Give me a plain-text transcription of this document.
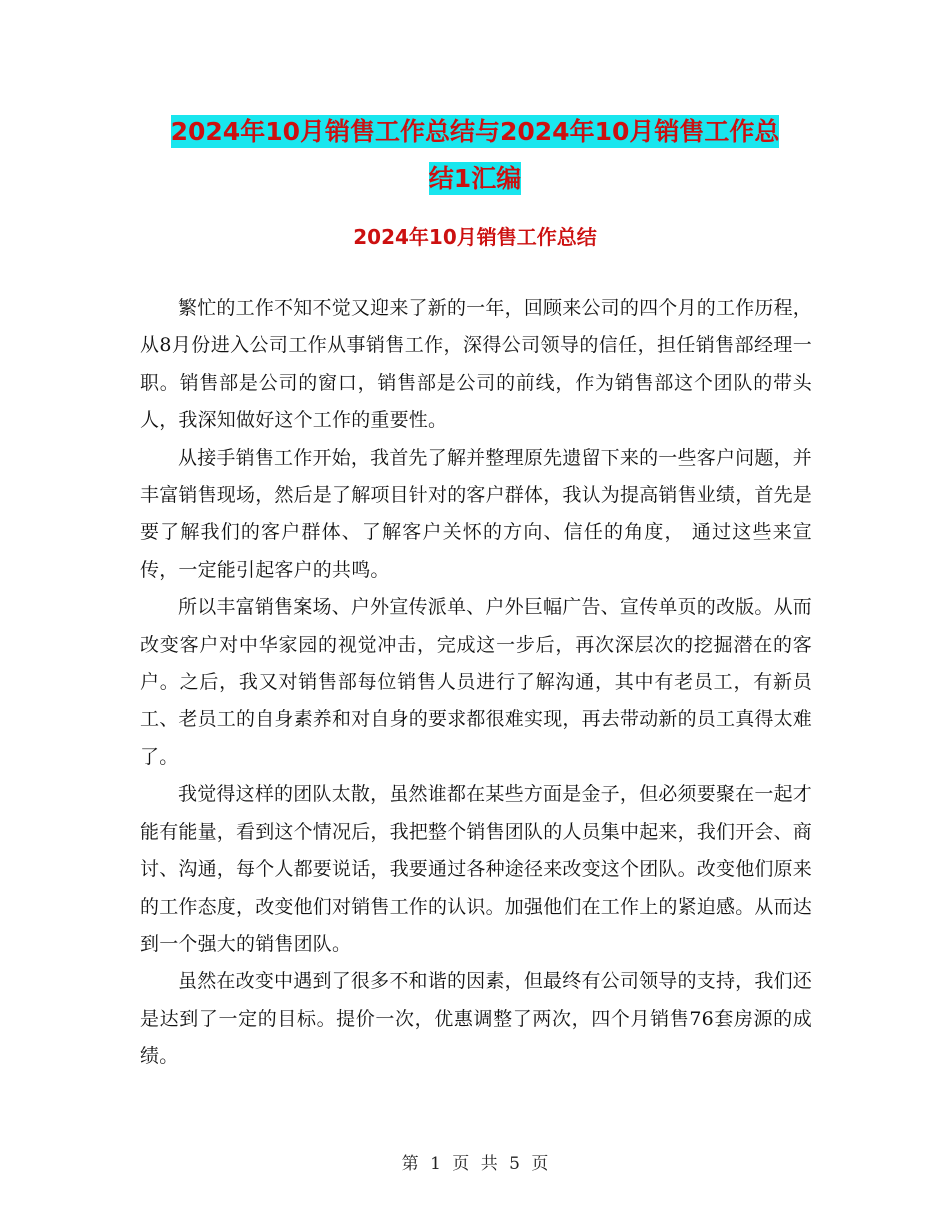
2024年10月销售工作总结与2024年10月销售工作总
结1汇编
2024年10月销售工作总结

繁忙的工作不知不觉又迎来了新的一年，回顾来公司的四个月的工作历程，从8月份进入公司工作从事销售工作，深得公司领导的信任，担任销售部经理一职。销售部是公司的窗口，销售部是公司的前线，作为销售部这个团队的带头人，我深知做好这个工作的重要性。

从接手销售工作开始，我首先了解并整理原先遗留下来的一些客户问题，并丰富销售现场，然后是了解项目针对的客户群体，我认为提高销售业绩，首先是要了解我们的客户群体、了解客户关怀的方向、信任的角度， 通过这些来宣传，一定能引起客户的共鸣。

所以丰富销售案场、户外宣传派单、户外巨幅广告、宣传单页的改版。从而改变客户对中华家园的视觉冲击，完成这一步后，再次深层次的挖掘潜在的客户。之后，我又对销售部每位销售人员进行了解沟通，其中有老员工，有新员工、老员工的自身素养和对自身的要求都很难实现，再去带动新的员工真得太难了。

我觉得这样的团队太散，虽然谁都在某些方面是金子，但必须要聚在一起才能有能量，看到这个情况后，我把整个销售团队的人员集中起来，我们开会、商讨、沟通，每个人都要说话，我要通过各种途径来改变这个团队。改变他们原来的工作态度，改变他们对销售工作的认识。加强他们在工作上的紧迫感。从而达到一个强大的销售团队。

虽然在改变中遇到了很多不和谐的因素，但最终有公司领导的支持，我们还是达到了一定的目标。提价一次，优惠调整了两次，四个月销售76套房源的成绩。

第 1 页 共 5 页
